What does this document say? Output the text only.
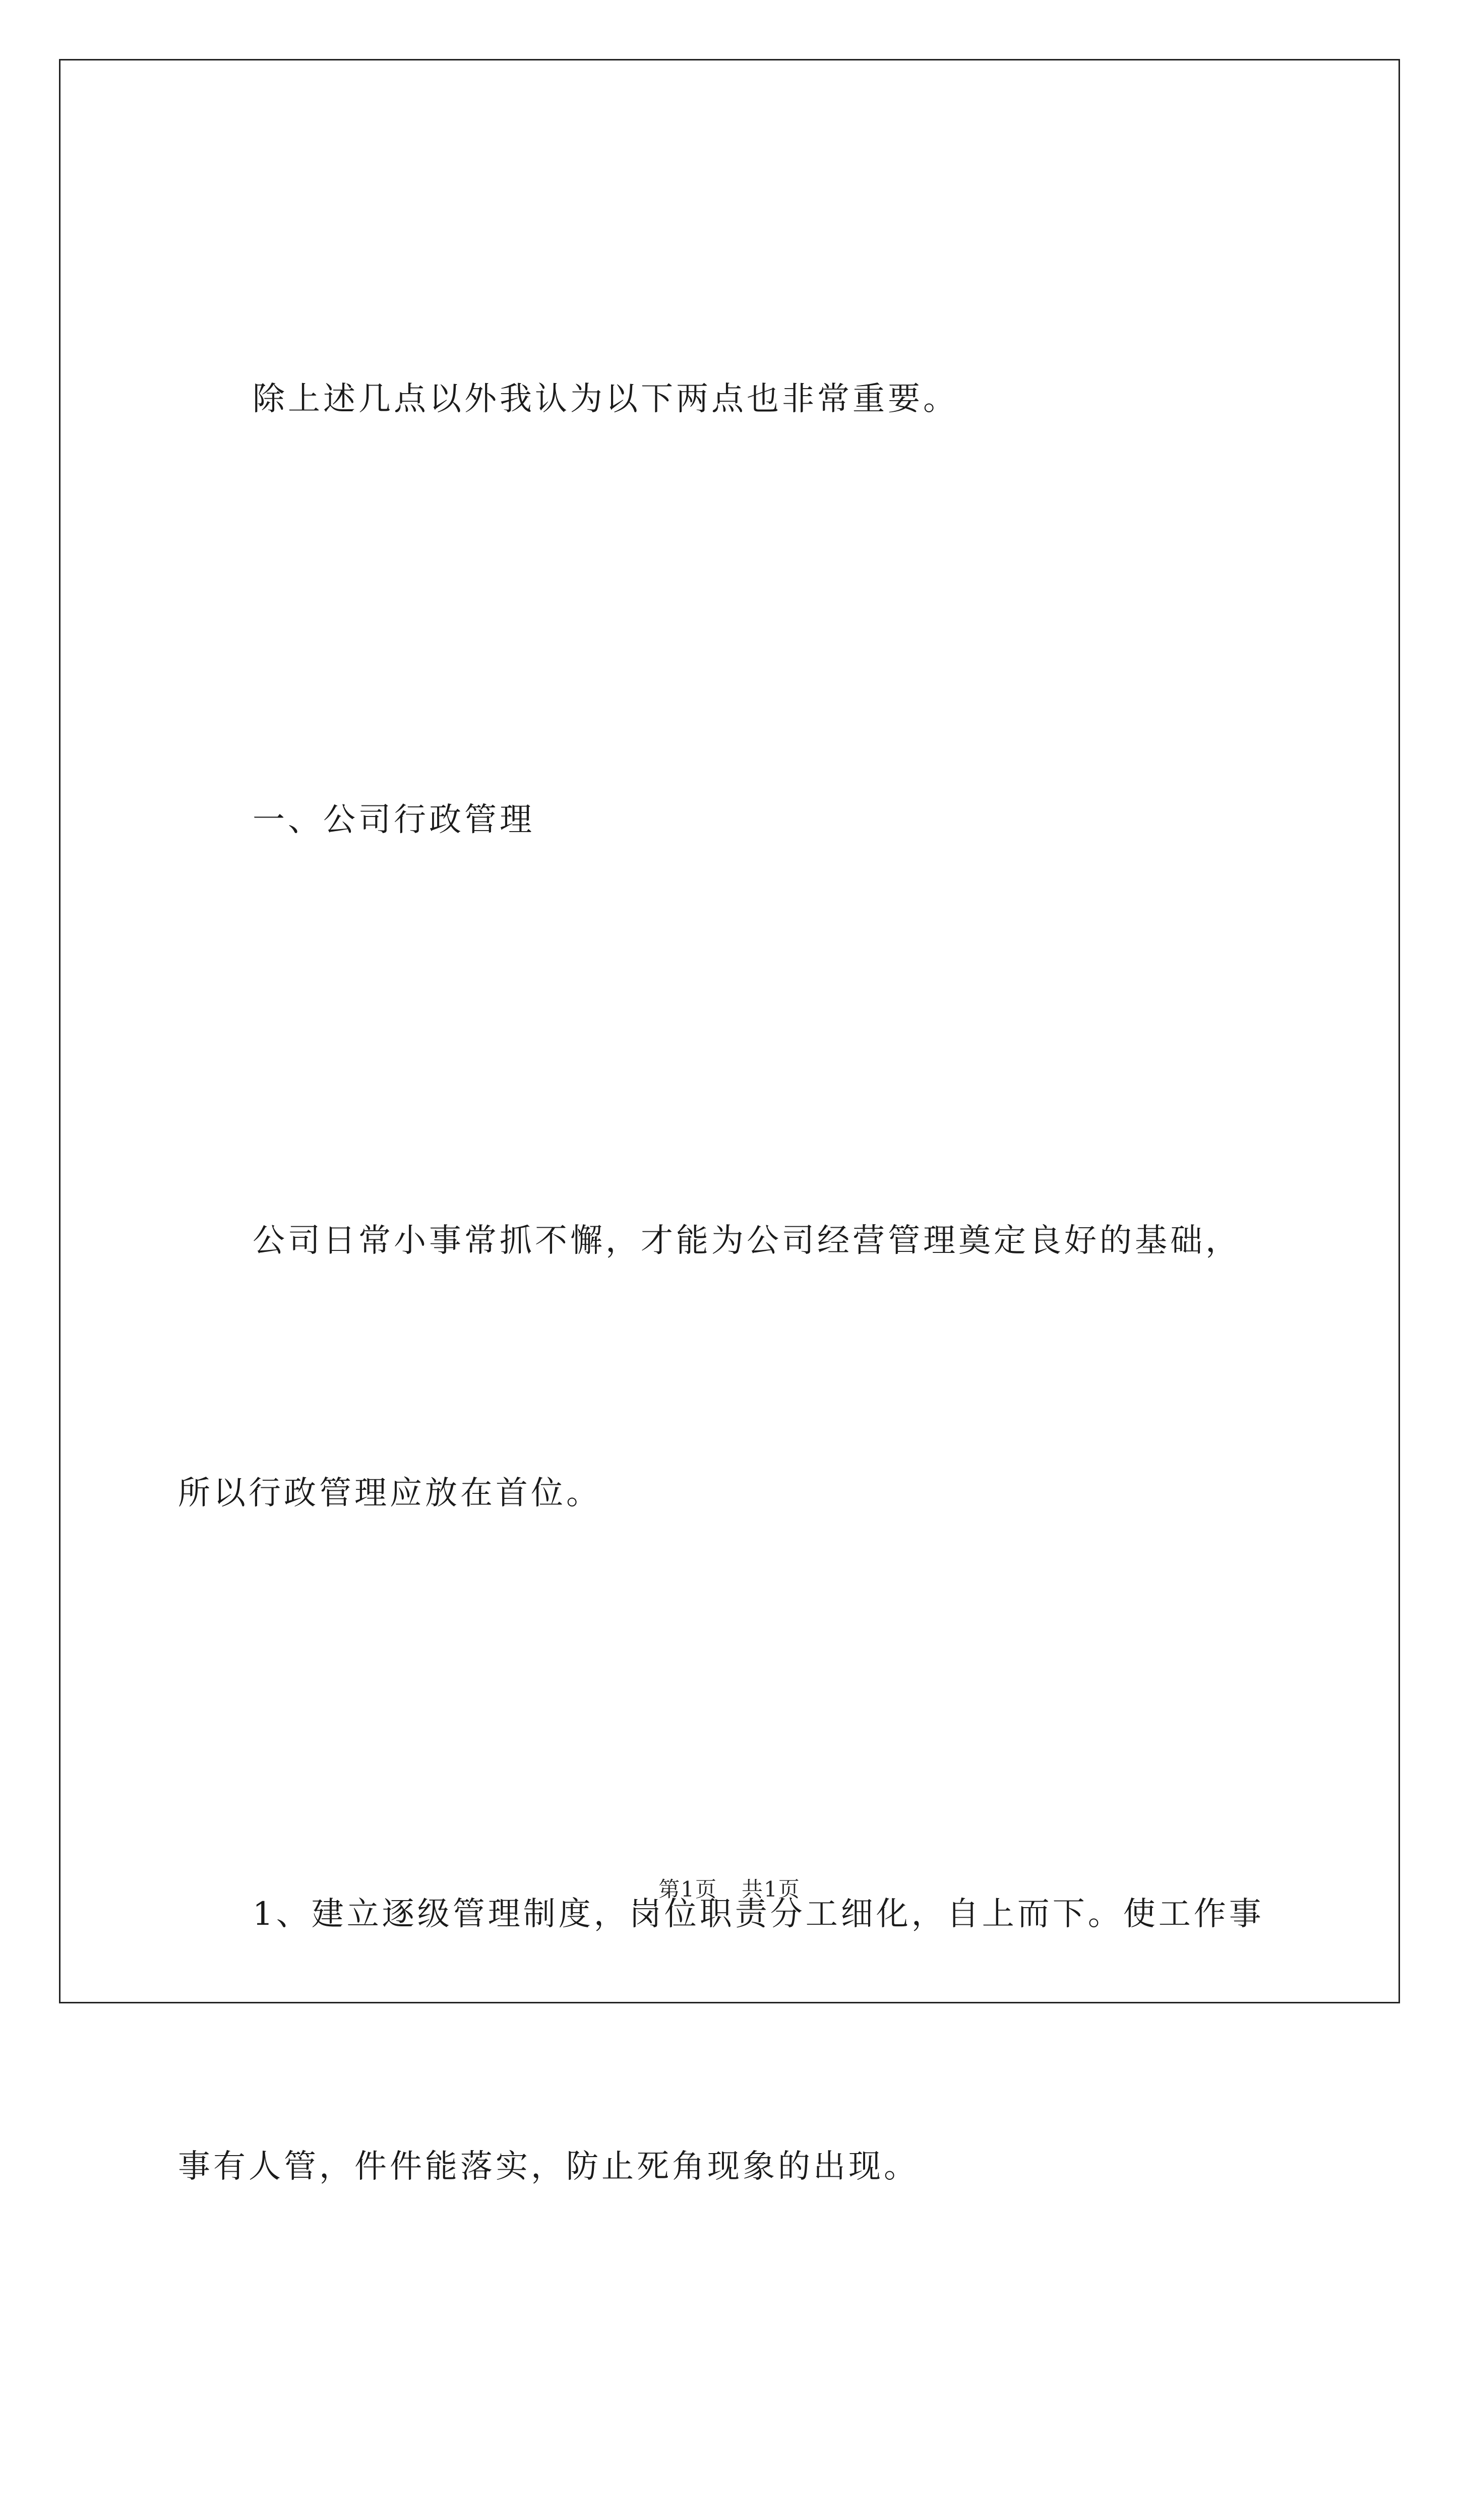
除上述几点以外我认为以下两点也非常重要。

一、公司行政管理

公司日常小事常抓不懈，才能为公司经营管理奠定良好的基础，

所以行政管理应放在首位。

1、建立逐级管理制度，岗位职责分工细化，自上而下。使工作事

事有人管，件件能落实，防止死角现象的出现。

第1页 共1页
